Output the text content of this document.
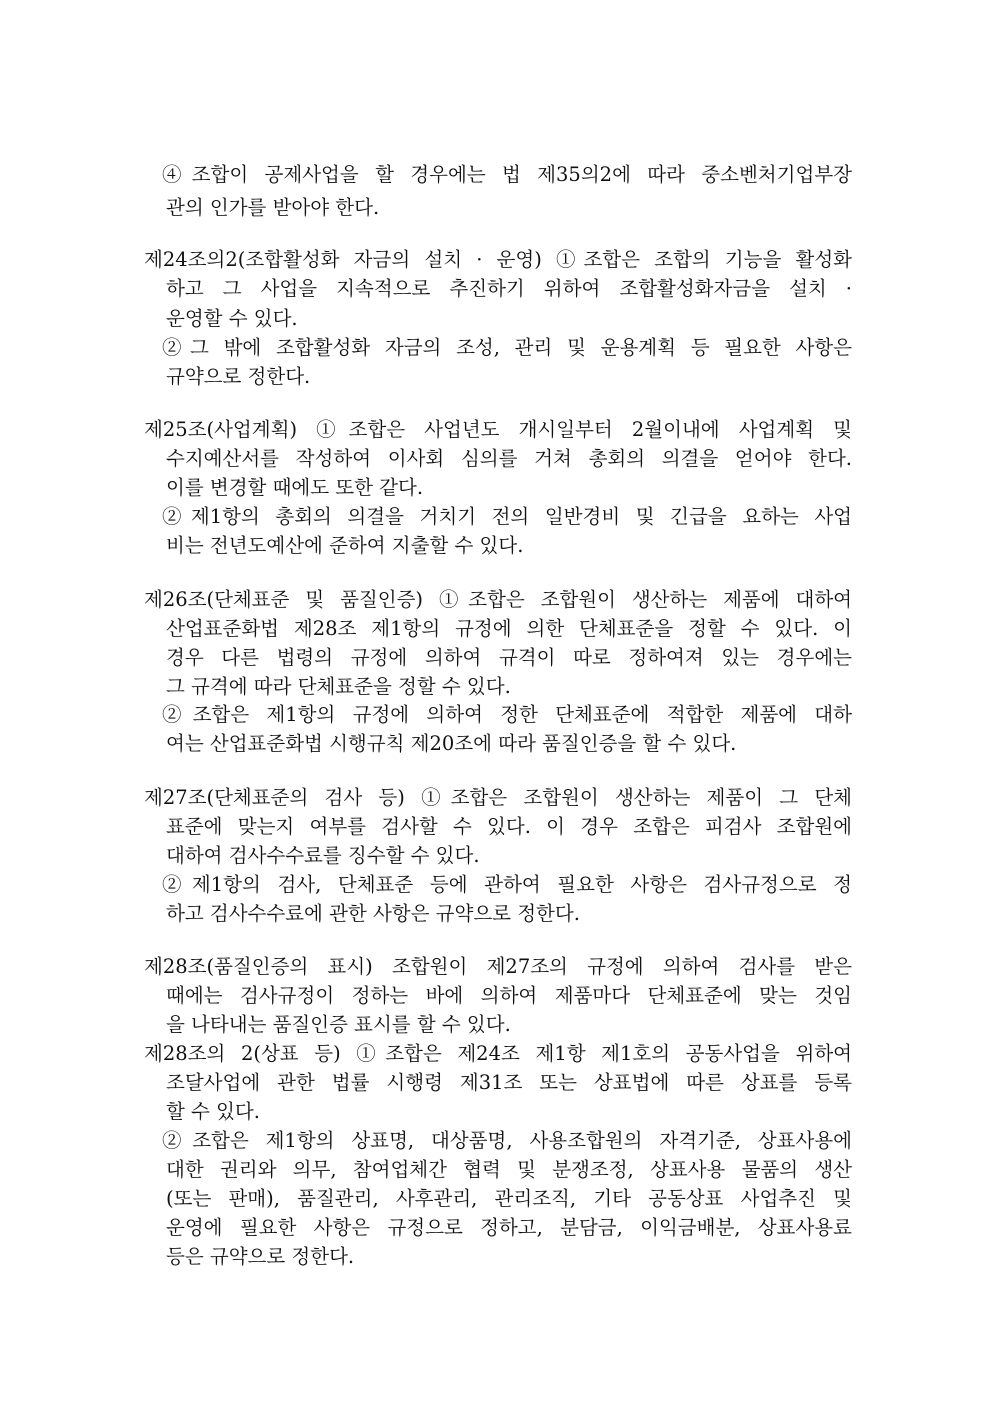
④조합이 공제사업을 할 경우에는 법 제35의2에 따라 중소벤처기업부장
관의 인가를 받아야 한다.
제24조의2(조합활성화 자금의 설치 · 운영) ①조합은 조합의 기능을 활성화
하고 그 사업을 지속적으로 추진하기 위하여 조합활성화자금을 설치 ·
운영할 수 있다.
②그 밖에 조합활성화 자금의 조성, 관리 및 운용계획 등 필요한 사항은
규약으로 정한다.
제25조(사업계획) ①조합은 사업년도 개시일부터 2월이내에 사업계획 및
수지예산서를 작성하여 이사회 심의를 거쳐 총회의 의결을 얻어야 한다.
이를 변경할 때에도 또한 같다.
②제1항의 총회의 의결을 거치기 전의 일반경비 및 긴급을 요하는 사업
비는 전년도예산에 준하여 지출할 수 있다.
제26조(단체표준 및 품질인증) ①조합은 조합원이 생산하는 제품에 대하여
산업표준화법 제28조 제1항의 규정에 의한 단체표준을 정할 수 있다. 이
경우 다른 법령의 규정에 의하여 규격이 따로 정하여져 있는 경우에는
그 규격에 따라 단체표준을 정할 수 있다.
②조합은 제1항의 규정에 의하여 정한 단체표준에 적합한 제품에 대하
여는 산업표준화법 시행규칙 제20조에 따라 품질인증을 할 수 있다.
제27조(단체표준의 검사 등) ①조합은 조합원이 생산하는 제품이 그 단체
표준에 맞는지 여부를 검사할 수 있다. 이 경우 조합은 피검사 조합원에
대하여 검사수수료를 징수할 수 있다.
②제1항의 검사, 단체표준 등에 관하여 필요한 사항은 검사규정으로 정
하고 검사수수료에 관한 사항은 규약으로 정한다.
제28조(품질인증의 표시) 조합원이 제27조의 규정에 의하여 검사를 받은
때에는 검사규정이 정하는 바에 의하여 제품마다 단체표준에 맞는 것임
을 나타내는 품질인증 표시를 할 수 있다.
제28조의 2(상표 등) ①조합은 제24조 제1항 제1호의 공동사업을 위하여
조달사업에 관한 법률 시행령 제31조 또는 상표법에 따른 상표를 등록
할 수 있다.
②조합은 제1항의 상표명, 대상품명, 사용조합원의 자격기준, 상표사용에
대한 권리와 의무, 참여업체간 협력 및 분쟁조정, 상표사용 물품의 생산
(또는 판매), 품질관리, 사후관리, 관리조직, 기타 공동상표 사업추진 및
운영에 필요한 사항은 규정으로 정하고, 분담금, 이익금배분, 상표사용료
등은 규약으로 정한다.
